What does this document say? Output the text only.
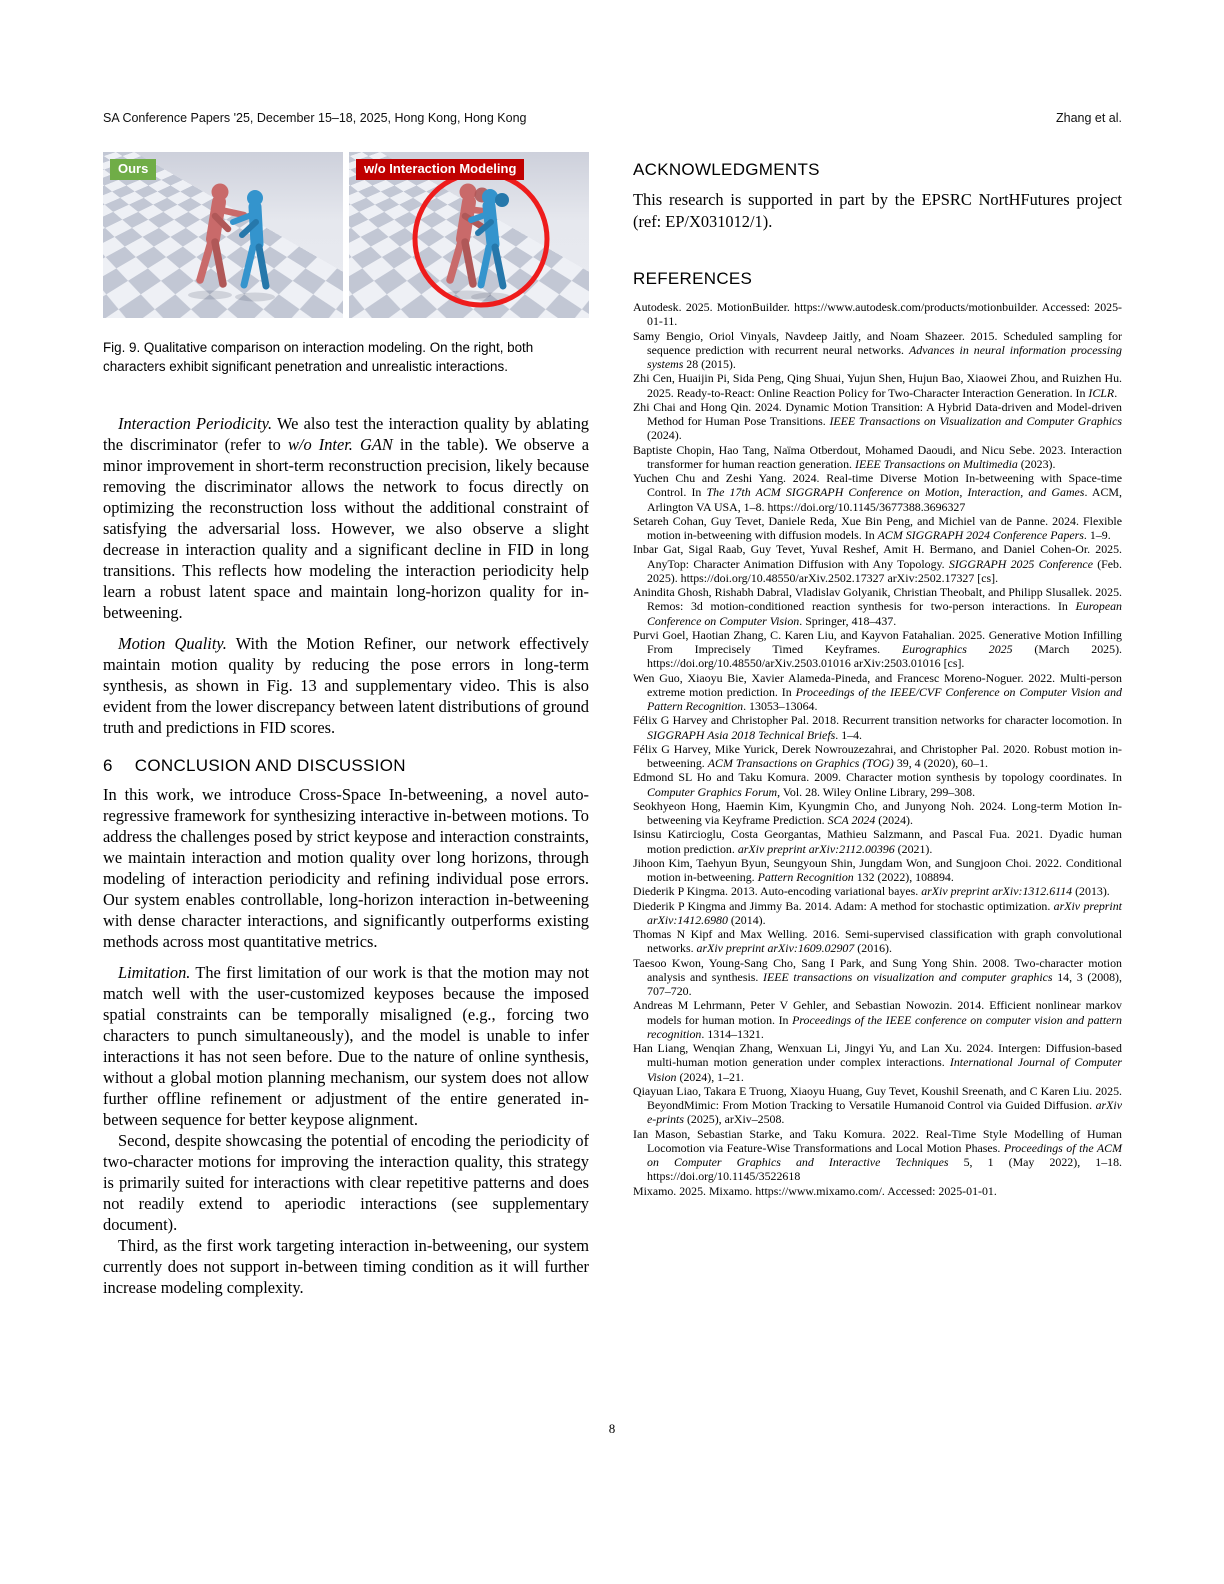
SA Conference Papers '25, December 15–18, 2025, Hong Kong, Hong Kong	Zhang et al.
Ours	w/o Interaction Modeling

Fig. 9. Qualitative comparison on interaction modeling. On the right, both characters exhibit significant penetration and unrealistic interactions.

Interaction Periodicity. We also test the interaction quality by ablating the discriminator (refer to w/o Inter. GAN in the table). We observe a minor improvement in short-term reconstruction precision, likely because removing the discriminator allows the network to focus directly on optimizing the reconstruction loss without the additional constraint of satisfying the adversarial loss. However, we also observe a slight decrease in interaction quality and a significant decline in FID in long transitions. This reflects how modeling the interaction periodicity help learn a robust latent space and maintain long-horizon quality for in-betweening.

Motion Quality. With the Motion Refiner, our network effectively maintain motion quality by reducing the pose errors in long-term synthesis, as shown in Fig. 13 and supplementary video. This is also evident from the lower discrepancy between latent distributions of ground truth and predictions in FID scores.

6 CONCLUSION AND DISCUSSION

In this work, we introduce Cross-Space In-betweening, a novel auto-regressive framework for synthesizing interactive in-between motions. To address the challenges posed by strict keypose and interaction constraints, we maintain interaction and motion quality over long horizons, through modeling of interaction periodicity and refining individual pose errors. Our system enables controllable, long-horizon interaction in-betweening with dense character interactions, and significantly outperforms existing methods across most quantitative metrics.

Limitation. The first limitation of our work is that the motion may not match well with the user-customized keyposes because the imposed spatial constraints can be temporally misaligned (e.g., forcing two characters to punch simultaneously), and the model is unable to infer interactions it has not seen before. Due to the nature of online synthesis, without a global motion planning mechanism, our system does not allow further offline refinement or adjustment of the entire generated in-between sequence for better keypose alignment.

Second, despite showcasing the potential of encoding the periodicity of two-character motions for improving the interaction quality, this strategy is primarily suited for interactions with clear repetitive patterns and does not readily extend to aperiodic interactions (see supplementary document).

Third, as the first work targeting interaction in-betweening, our system currently does not support in-between timing condition as it will further increase modeling complexity.

ACKNOWLEDGMENTS

This research is supported in part by the EPSRC NortHFutures project (ref: EP/X031012/1).

REFERENCES

Autodesk. 2025. MotionBuilder. https://www.autodesk.com/products/motionbuilder. Accessed: 2025-01-11.

Samy Bengio, Oriol Vinyals, Navdeep Jaitly, and Noam Shazeer. 2015. Scheduled sampling for sequence prediction with recurrent neural networks. Advances in neural information processing systems 28 (2015).

Zhi Cen, Huaijin Pi, Sida Peng, Qing Shuai, Yujun Shen, Hujun Bao, Xiaowei Zhou, and Ruizhen Hu. 2025. Ready-to-React: Online Reaction Policy for Two-Character Interaction Generation. In ICLR.

Zhi Chai and Hong Qin. 2024. Dynamic Motion Transition: A Hybrid Data-driven and Model-driven Method for Human Pose Transitions. IEEE Transactions on Visualization and Computer Graphics (2024).

Baptiste Chopin, Hao Tang, Naïma Otberdout, Mohamed Daoudi, and Nicu Sebe. 2023. Interaction transformer for human reaction generation. IEEE Transactions on Multimedia (2023).

Yuchen Chu and Zeshi Yang. 2024. Real-time Diverse Motion In-betweening with Space-time Control. In The 17th ACM SIGGRAPH Conference on Motion, Interaction, and Games. ACM, Arlington VA USA, 1–8. https://doi.org/10.1145/3677388.3696327

Setareh Cohan, Guy Tevet, Daniele Reda, Xue Bin Peng, and Michiel van de Panne. 2024. Flexible motion in-betweening with diffusion models. In ACM SIGGRAPH 2024 Conference Papers. 1–9.

Inbar Gat, Sigal Raab, Guy Tevet, Yuval Reshef, Amit H. Bermano, and Daniel Cohen-Or. 2025. AnyTop: Character Animation Diffusion with Any Topology. SIGGRAPH 2025 Conference (Feb. 2025). https://doi.org/10.48550/arXiv.2502.17327 arXiv:2502.17327 [cs].

Anindita Ghosh, Rishabh Dabral, Vladislav Golyanik, Christian Theobalt, and Philipp Slusallek. 2025. Remos: 3d motion-conditioned reaction synthesis for two-person interactions. In European Conference on Computer Vision. Springer, 418–437.

Purvi Goel, Haotian Zhang, C. Karen Liu, and Kayvon Fatahalian. 2025. Generative Motion Infilling From Imprecisely Timed Keyframes. Eurographics 2025 (March 2025). https://doi.org/10.48550/arXiv.2503.01016 arXiv:2503.01016 [cs].

Wen Guo, Xiaoyu Bie, Xavier Alameda-Pineda, and Francesc Moreno-Noguer. 2022. Multi-person extreme motion prediction. In Proceedings of the IEEE/CVF Conference on Computer Vision and Pattern Recognition. 13053–13064.

Félix G Harvey and Christopher Pal. 2018. Recurrent transition networks for character locomotion. In SIGGRAPH Asia 2018 Technical Briefs. 1–4.

Félix G Harvey, Mike Yurick, Derek Nowrouzezahrai, and Christopher Pal. 2020. Robust motion in-betweening. ACM Transactions on Graphics (TOG) 39, 4 (2020), 60–1.

Edmond SL Ho and Taku Komura. 2009. Character motion synthesis by topology coordinates. In Computer Graphics Forum, Vol. 28. Wiley Online Library, 299–308.

Seokhyeon Hong, Haemin Kim, Kyungmin Cho, and Junyong Noh. 2024. Long-term Motion In-betweening via Keyframe Prediction. SCA 2024 (2024).

Isinsu Katircioglu, Costa Georgantas, Mathieu Salzmann, and Pascal Fua. 2021. Dyadic human motion prediction. arXiv preprint arXiv:2112.00396 (2021).

Jihoon Kim, Taehyun Byun, Seungyoun Shin, Jungdam Won, and Sungjoon Choi. 2022. Conditional motion in-betweening. Pattern Recognition 132 (2022), 108894.

Diederik P Kingma. 2013. Auto-encoding variational bayes. arXiv preprint arXiv:1312.6114 (2013).

Diederik P Kingma and Jimmy Ba. 2014. Adam: A method for stochastic optimization. arXiv preprint arXiv:1412.6980 (2014).

Thomas N Kipf and Max Welling. 2016. Semi-supervised classification with graph convolutional networks. arXiv preprint arXiv:1609.02907 (2016).

Taesoo Kwon, Young-Sang Cho, Sang I Park, and Sung Yong Shin. 2008. Two-character motion analysis and synthesis. IEEE transactions on visualization and computer graphics 14, 3 (2008), 707–720.

Andreas M Lehrmann, Peter V Gehler, and Sebastian Nowozin. 2014. Efficient nonlinear markov models for human motion. In Proceedings of the IEEE conference on computer vision and pattern recognition. 1314–1321.

Han Liang, Wenqian Zhang, Wenxuan Li, Jingyi Yu, and Lan Xu. 2024. Intergen: Diffusion-based multi-human motion generation under complex interactions. International Journal of Computer Vision (2024), 1–21.

Qiayuan Liao, Takara E Truong, Xiaoyu Huang, Guy Tevet, Koushil Sreenath, and C Karen Liu. 2025. BeyondMimic: From Motion Tracking to Versatile Humanoid Control via Guided Diffusion. arXiv e-prints (2025), arXiv–2508.

Ian Mason, Sebastian Starke, and Taku Komura. 2022. Real-Time Style Modelling of Human Locomotion via Feature-Wise Transformations and Local Motion Phases. Proceedings of the ACM on Computer Graphics and Interactive Techniques 5, 1 (May 2022), 1–18. https://doi.org/10.1145/3522618

Mixamo. 2025. Mixamo. https://www.mixamo.com/. Accessed: 2025-01-01.

8
